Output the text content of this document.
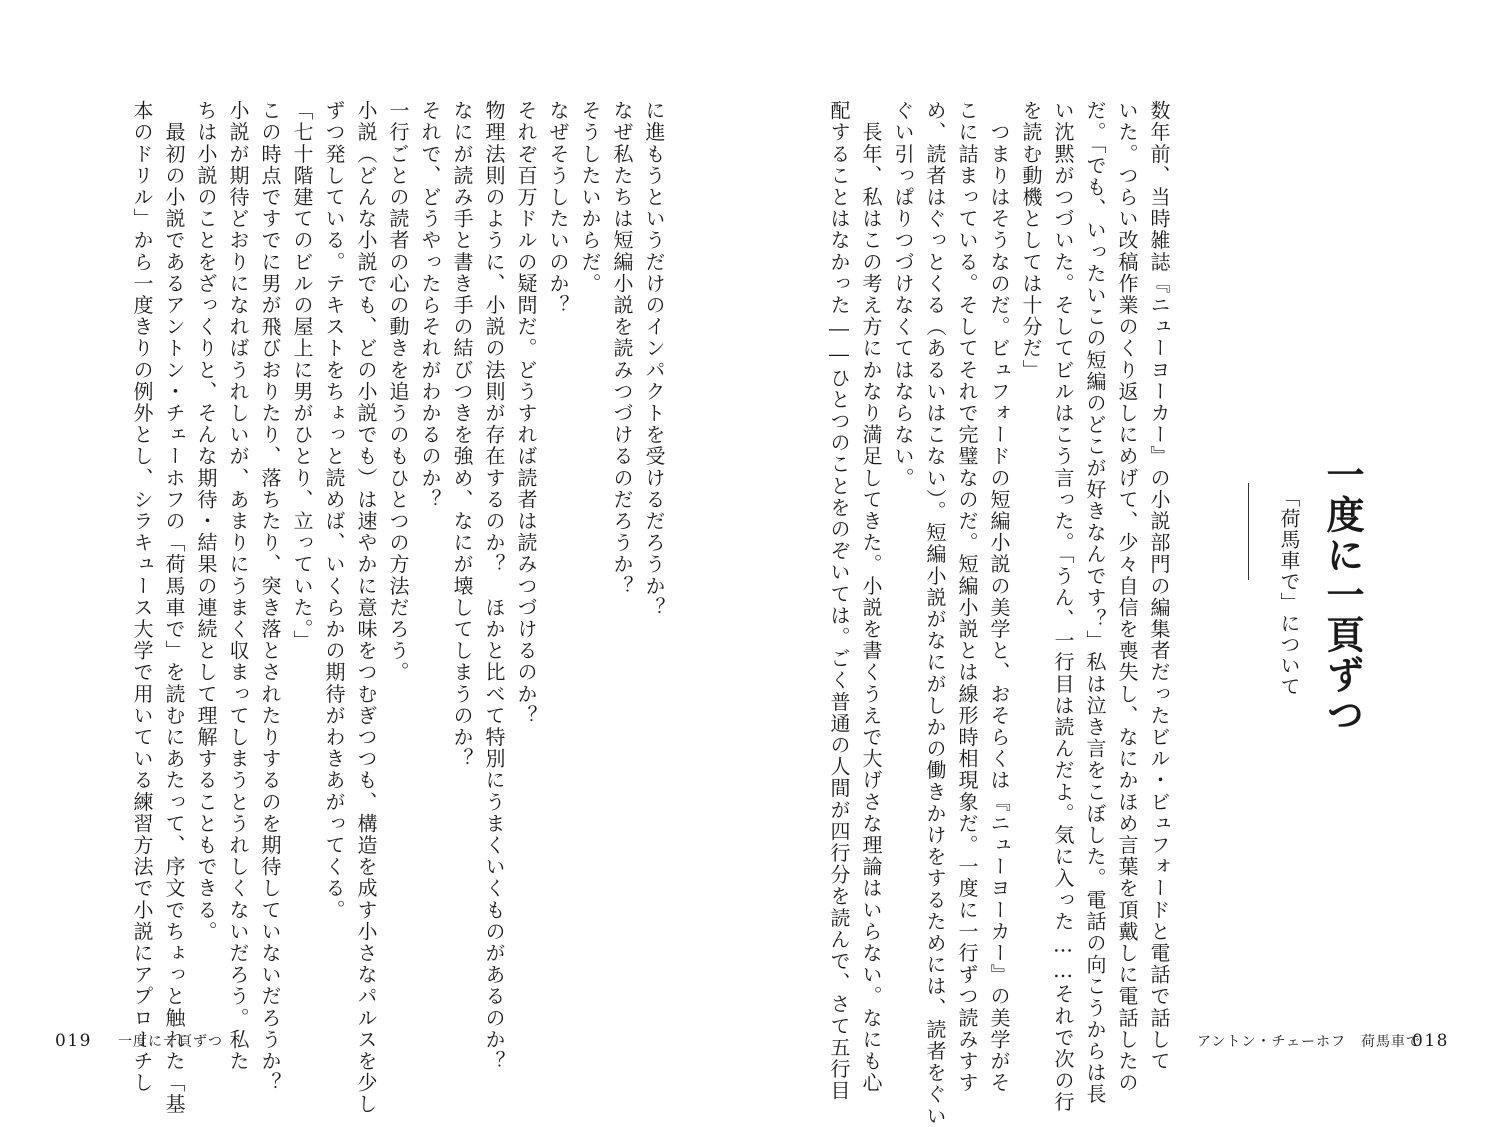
数年前、当時雑誌『ニューヨーカー』の小説部門の編集者だったビル・ビュフォードと電話で話して
いた。つらい改稿作業のくり返しにめげて、少々自信を喪失し、なにかほめ言葉を頂戴しに電話したの
だ。「でも、いったいこの短編のどこが好きなんです？」私は泣き言をこぼした。電話の向こうからは長
い沈黙がつづいた。そしてビルはこう言った。「うん、一行目は読んだよ。気に入った……それで次の行
を読む動機としては十分だ」
　つまりはそうなのだ。ビュフォードの短編小説の美学と、おそらくは『ニューヨーカー』の美学がそ
こに詰まっている。そしてそれで完璧なのだ。短編小説とは線形時相現象だ。一度に一行ずつ読みすす
め、読者はぐっとくる（あるいはこない）。短編小説がなにがしかの働きかけをするためには、読者をぐい
ぐい引っぱりつづけなくてはならない。
　長年、私はこの考え方にかなり満足してきた。小説を書くうえで大げさな理論はいらない。なにも心
配することはなかった――ひとつのことをのぞいては。ごく普通の人間が四行分を読んで、さて五行目	一度に一頁ずつ
「荷馬車で」について
に進もうというだけのインパクトを受けるだろうか？
なぜ私たちは短編小説を読みつづけるのだろうか？
そうしたいからだ。
なぜそうしたいのか？
それぞ百万ドルの疑問だ。どうすれば読者は読みつづけるのか？
物理法則のように、小説の法則が存在するのか？　ほかと比べて特別にうまくいくものがあるのか？
なにが読み手と書き手の結びつきを強め、なにが壊してしまうのか？
それで、どうやったらそれがわかるのか？
一行ごとの読者の心の動きを追うのもひとつの方法だろう。
小説（どんな小説でも、どの小説でも）は速やかに意味をつむぎつつも、構造を成す小さなパルスを少し
ずつ発している。テキストをちょっと読めば、いくらかの期待がわきあがってくる。
「七十階建てのビルの屋上に男がひとり、立っていた。」
この時点ですでに男が飛びおりたり、落ちたり、突き落とされたりするのを期待していないだろうか？
小説が期待どおりになればうれしいが、あまりにうまく収まってしまうとうれしくないだろう。私た
ちは小説のことをざっくりと、そんな期待・結果の連続として理解することもできる。
　最初の小説であるアントン・チェーホフの「荷馬車で」を読むにあたって、序文でちょっと触れた「基
本のドリル」から一度きりの例外とし、シラキュース大学で用いている練習方法で小説にアプローチし
019 一度に一頁ずつ	アントン・チェーホフ　荷馬車で
018
